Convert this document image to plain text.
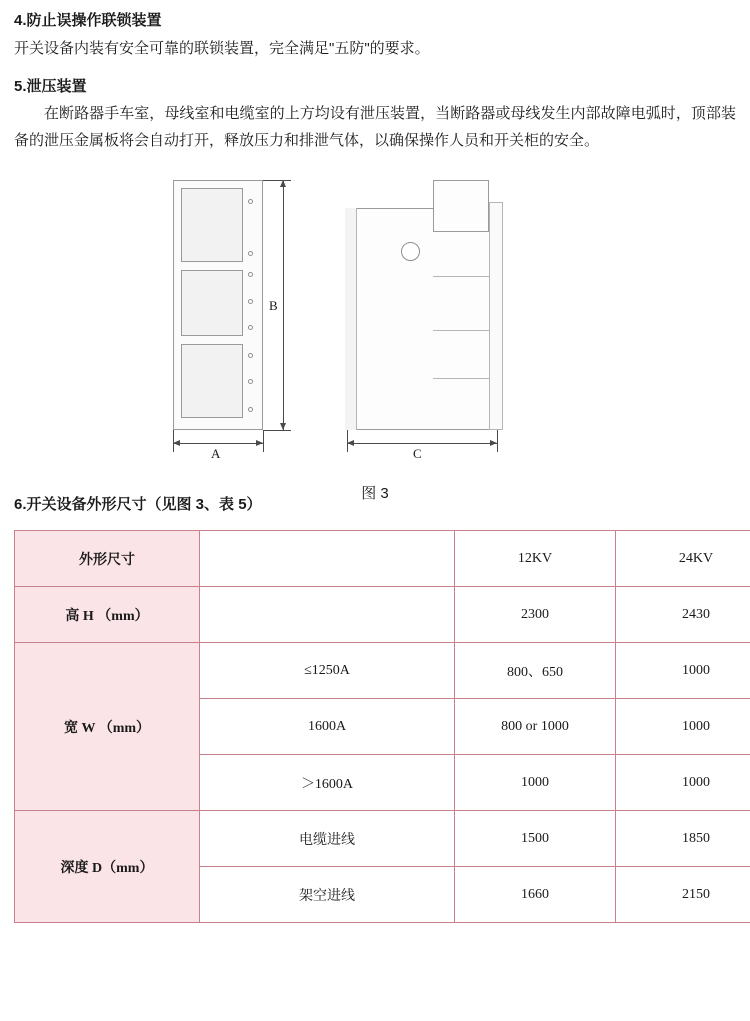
4.防止误操作联锁装置

开关设备内装有安全可靠的联锁装置，完全满足"五防"的要求。

5.泄压装置

在断路器手车室，母线室和电缆室的上方均设有泄压装置，当断路器或母线发生内部故障电弧时，顶部装备的泄压金属板将会自动打开，释放压力和排泄气体，以确保操作人员和开关柜的安全。

B
A	C
图 3
6.开关设备外形尺寸（见图 3、表 5）
外形尺寸		12KV	24KV
高 H （mm）		2300	2430
宽 W （mm）	≤1250A	800、650	1000
	1600A	800 or 1000	1000
	＞1600A	1000	1000
深度 D（mm）	电缆进线	1500	1850
	架空进线	1660	2150
